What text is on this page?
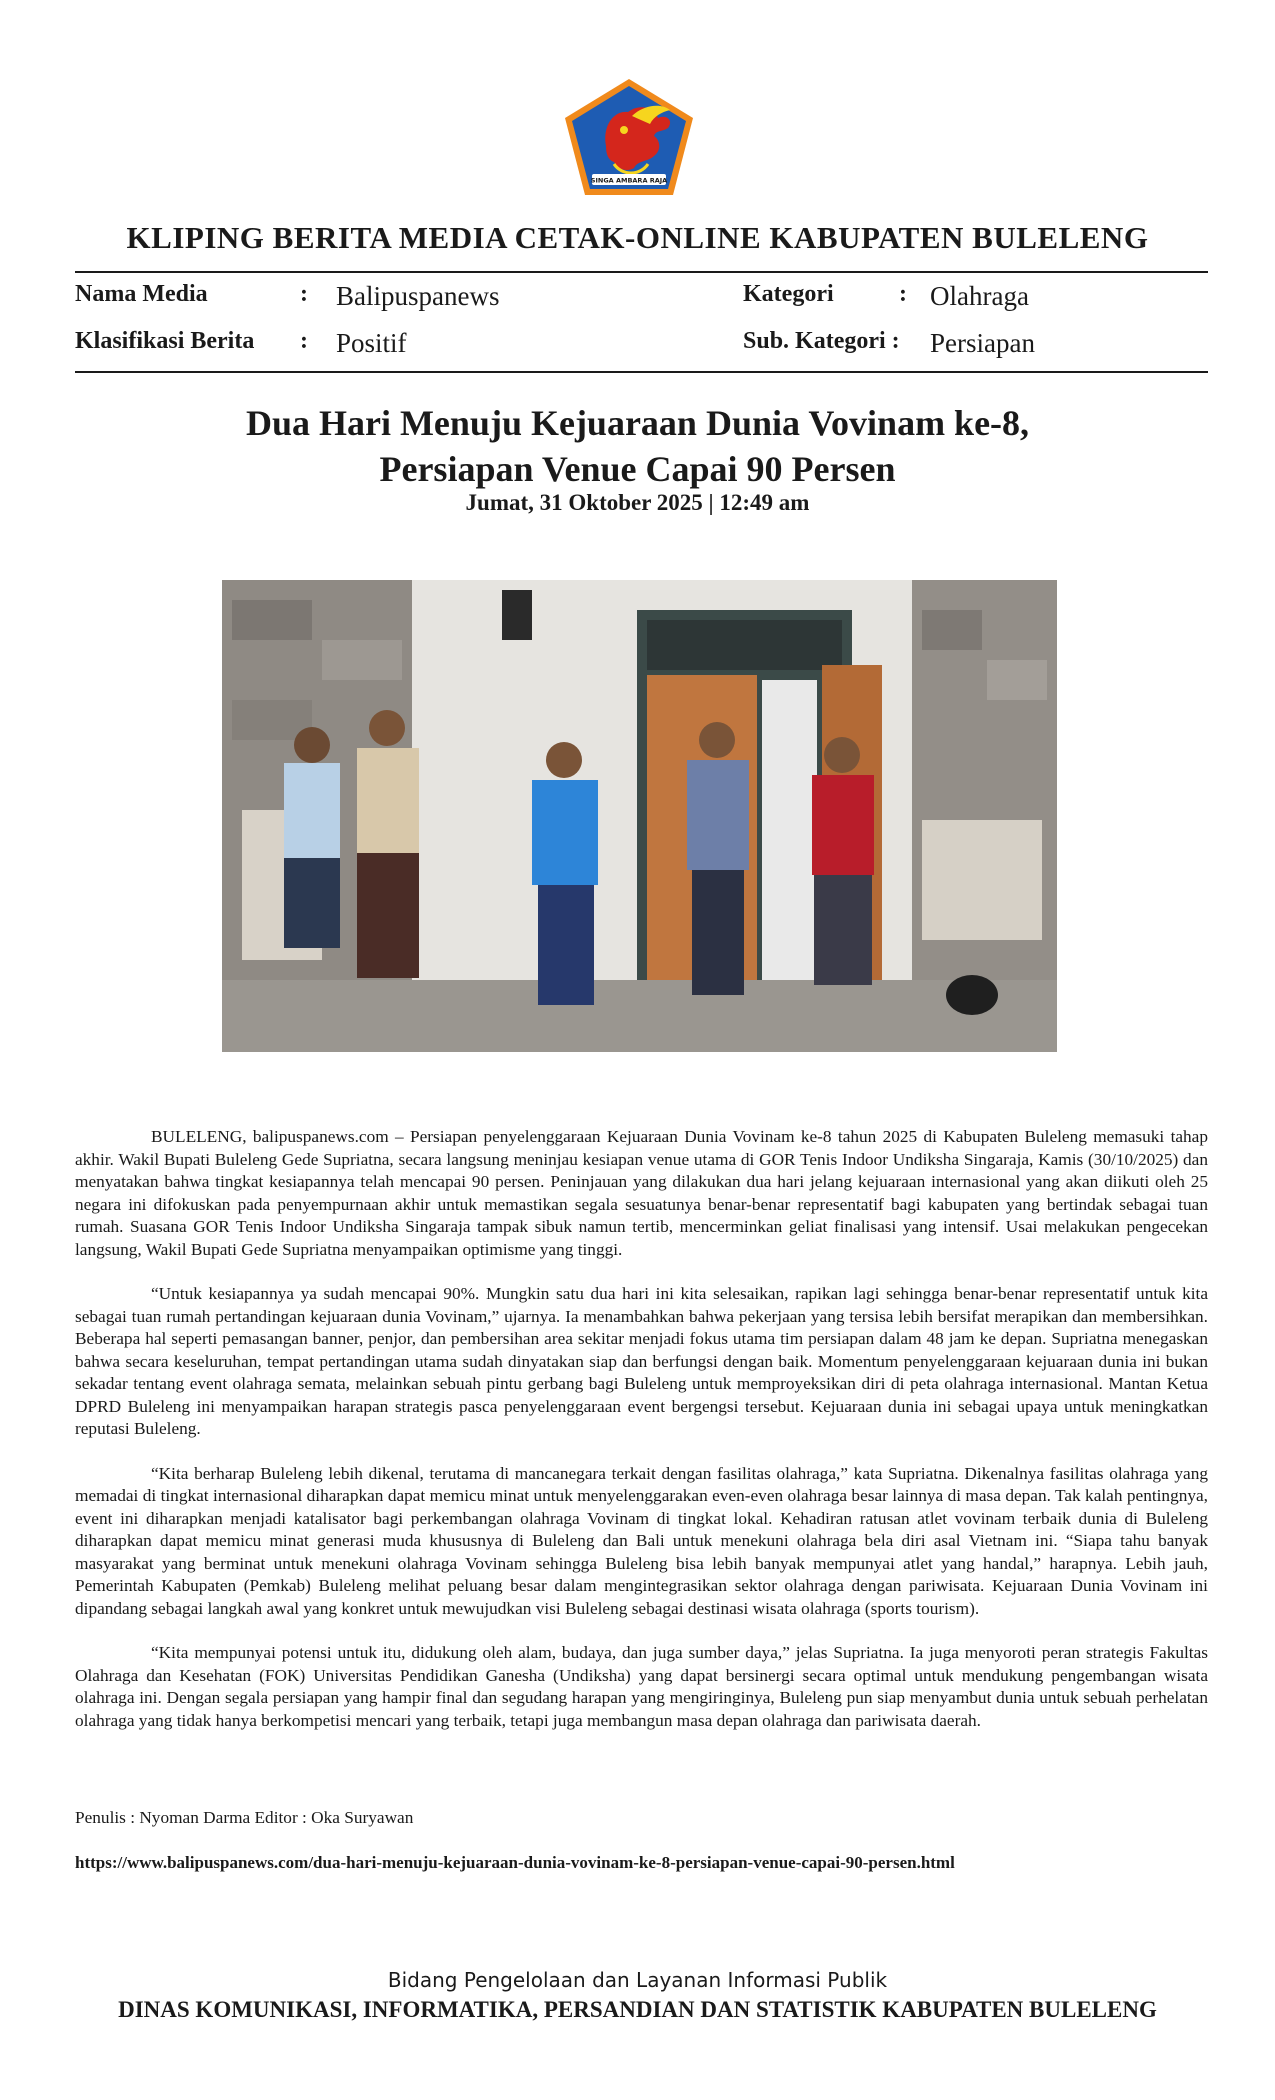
SINGA AMBARA RAJA
KLIPING BERITA MEDIA CETAK-ONLINE KABUPATEN BULELENG
Nama Media	: Balipuspanews	Kategori	: Olahraga
Klasifikasi Berita : Positif	Sub. Kategori : Persiapan
Dua Hari Menuju Kejuaraan Dunia Vovinam ke-8,
Persiapan Venue Capai 90 Persen
Jumat, 31 Oktober 2025 | 12:49 am

BULELENG, balipuspanews.com – Persiapan penyelenggaraan Kejuaraan Dunia Vovinam ke-8 tahun 2025 di Kabupaten Buleleng memasuki tahap akhir. Wakil Bupati Buleleng Gede Supriatna, secara langsung meninjau kesiapan venue utama di GOR Tenis Indoor Undiksha Singaraja, Kamis (30/10/2025) dan menyatakan bahwa tingkat kesiapannya telah mencapai 90 persen. Peninjauan yang dilakukan dua hari jelang kejuaraan internasional yang akan diikuti oleh 25 negara ini difokuskan pada penyempurnaan akhir untuk memastikan segala sesuatunya benar-benar representatif bagi kabupaten yang bertindak sebagai tuan rumah. Suasana GOR Tenis Indoor Undiksha Singaraja tampak sibuk namun tertib, mencerminkan geliat finalisasi yang intensif. Usai melakukan pengecekan langsung, Wakil Bupati Gede Supriatna menyampaikan optimisme yang tinggi.

“Untuk kesiapannya ya sudah mencapai 90%. Mungkin satu dua hari ini kita selesaikan, rapikan lagi sehingga benar-benar representatif untuk kita sebagai tuan rumah pertandingan kejuaraan dunia Vovinam,” ujarnya. Ia menambahkan bahwa pekerjaan yang tersisa lebih bersifat merapikan dan membersihkan. Beberapa hal seperti pemasangan banner, penjor, dan pembersihan area sekitar menjadi fokus utama tim persiapan dalam 48 jam ke depan. Supriatna menegaskan bahwa secara keseluruhan, tempat pertandingan utama sudah dinyatakan siap dan berfungsi dengan baik. Momentum penyelenggaraan kejuaraan dunia ini bukan sekadar tentang event olahraga semata, melainkan sebuah pintu gerbang bagi Buleleng untuk memproyeksikan diri di peta olahraga internasional. Mantan Ketua DPRD Buleleng ini menyampaikan harapan strategis pasca penyelenggaraan event bergengsi tersebut. Kejuaraan dunia ini sebagai upaya untuk meningkatkan reputasi Buleleng.

“Kita berharap Buleleng lebih dikenal, terutama di mancanegara terkait dengan fasilitas olahraga,” kata Supriatna. Dikenalnya fasilitas olahraga yang memadai di tingkat internasional diharapkan dapat memicu minat untuk menyelenggarakan even-even olahraga besar lainnya di masa depan. Tak kalah pentingnya, event ini diharapkan menjadi katalisator bagi perkembangan olahraga Vovinam di tingkat lokal. Kehadiran ratusan atlet vovinam terbaik dunia di Buleleng diharapkan dapat memicu minat generasi muda khususnya di Buleleng dan Bali untuk menekuni olahraga bela diri asal Vietnam ini. “Siapa tahu banyak masyarakat yang berminat untuk menekuni olahraga Vovinam sehingga Buleleng bisa lebih banyak mempunyai atlet yang handal,” harapnya. Lebih jauh, Pemerintah Kabupaten (Pemkab) Buleleng melihat peluang besar dalam mengintegrasikan sektor olahraga dengan pariwisata. Kejuaraan Dunia Vovinam ini dipandang sebagai langkah awal yang konkret untuk mewujudkan visi Buleleng sebagai destinasi wisata olahraga (sports tourism).

“Kita mempunyai potensi untuk itu, didukung oleh alam, budaya, dan juga sumber daya,” jelas Supriatna. Ia juga menyoroti peran strategis Fakultas Olahraga dan Kesehatan (FOK) Universitas Pendidikan Ganesha (Undiksha) yang dapat bersinergi secara optimal untuk mendukung pengembangan wisata olahraga ini. Dengan segala persiapan yang hampir final dan segudang harapan yang mengiringinya, Buleleng pun siap menyambut dunia untuk sebuah perhelatan olahraga yang tidak hanya berkompetisi mencari yang terbaik, tetapi juga membangun masa depan olahraga dan pariwisata daerah.

Penulis : Nyoman Darma Editor : Oka Suryawan
https://www.balipuspanews.com/dua-hari-menuju-kejuaraan-dunia-vovinam-ke-8-persiapan-venue-capai-90-persen.html
Bidang Pengelolaan dan Layanan Informasi Publik
DINAS KOMUNIKASI, INFORMATIKA, PERSANDIAN DAN STATISTIK KABUPATEN BULELENG
